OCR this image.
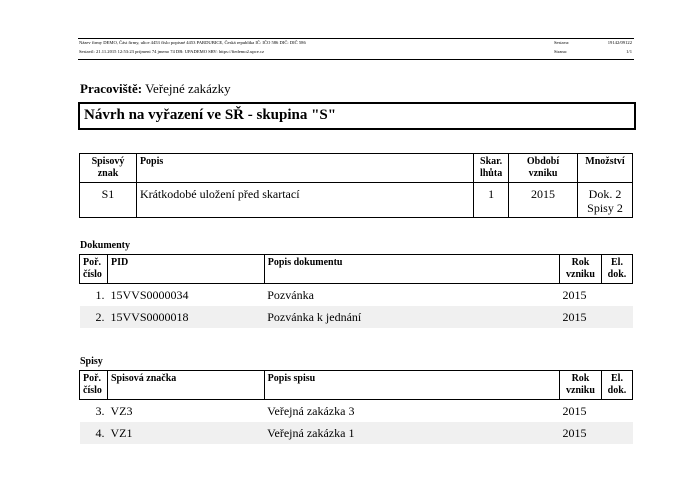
Název firmy DEMO, Část firmy, ulice 4453 číslo popisné 4453 PARDUBICE, Česká republika IČ: IČO 586 DIČ: DIČ 586
Sestavil: 21.11.2015 12:53:23 prijmeni 74 jmeno 74 DB: UPADEMO SRV: https://fiedemo2.upce.cz
Sestava:	19142/09122
Strana:	1/1
Pracoviště: Veřejné zakázky
Návrh na vyřazení ve SŘ - skupina "S"
Spisový znak	Popis	Skar. lhůta	Období vzniku	Množství
S1	Krátkodobé uložení před skartací	1	2015	Dok. 2
Spisy 2
Dokumenty
Poř. číslo	PID	Popis dokumentu	Rok vzniku	El. dok.
1.	15VVS0000034	Pozvánka	2015	
2.	15VVS0000018	Pozvánka k jednání	2015	
Spisy
Poř. číslo	Spisová značka	Popis spisu	Rok vzniku	El. dok.
3.	VZ3	Veřejná zakázka 3	2015	
4.	VZ1	Veřejná zakázka 1	2015	
